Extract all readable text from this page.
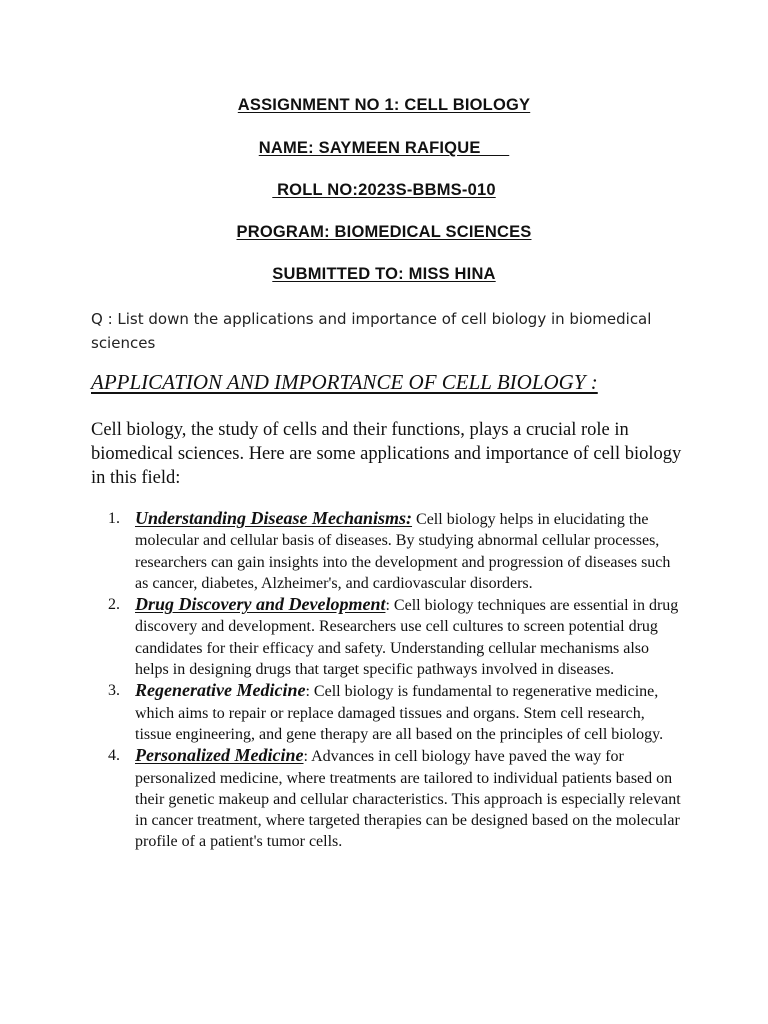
ASSIGNMENT NO 1: CELL BIOLOGY
NAME: SAYMEEN RAFIQUE
ROLL NO:2023S-BBMS-010
PROGRAM: BIOMEDICAL SCIENCES
SUBMITTED TO: MISS HINA
Q : List down the applications and importance of cell biology in biomedical sciences
APPLICATION AND IMPORTANCE OF CELL BIOLOGY :
Cell biology, the study of cells and their functions, plays a crucial role in biomedical sciences. Here are some applications and importance of cell biology in this field:
1. Understanding Disease Mechanisms: Cell biology helps in elucidating the molecular and cellular basis of diseases. By studying abnormal cellular processes, researchers can gain insights into the development and progression of diseases such as cancer, diabetes, Alzheimer's, and cardiovascular disorders.
2. Drug Discovery and Development: Cell biology techniques are essential in drug discovery and development. Researchers use cell cultures to screen potential drug candidates for their efficacy and safety. Understanding cellular mechanisms also helps in designing drugs that target specific pathways involved in diseases.
3. Regenerative Medicine: Cell biology is fundamental to regenerative medicine, which aims to repair or replace damaged tissues and organs. Stem cell research, tissue engineering, and gene therapy are all based on the principles of cell biology.
4. Personalized Medicine: Advances in cell biology have paved the way for personalized medicine, where treatments are tailored to individual patients based on their genetic makeup and cellular characteristics. This approach is especially relevant in cancer treatment, where targeted therapies can be designed based on the molecular profile of a patient's tumor cells.
